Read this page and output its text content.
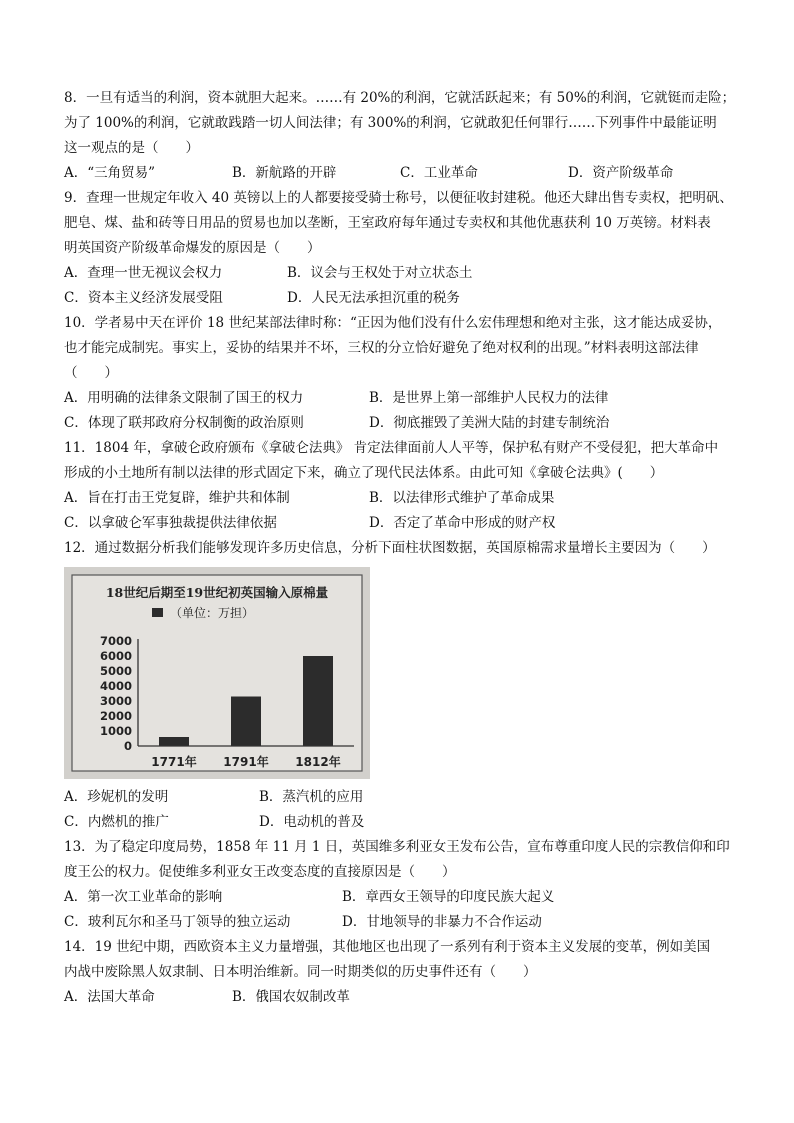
8．一旦有适当的利润，资本就胆大起来。……有 20%的利润，它就活跃起来；有 50%的利润，它就铤而走险；
为了 100%的利润，它就敢践踏一切人间法律；有 300%的利润，它就敢犯任何罪行……下列事件中最能证明
这一观点的是（　　）
A．“三角贸易”	B．新航路的开辟	C．工业革命	D．资产阶级革命
9．查理一世规定年收入 40 英镑以上的人都要接受骑士称号，以便征收封建税。他还大肆出售专卖权，把明矾、
肥皂、煤、盐和砖等日用品的贸易也加以垄断，王室政府每年通过专卖权和其他优惠获利 10 万英镑。材料表
明英国资产阶级革命爆发的原因是（　　）
A．查理一世无视议会权力	B．议会与王权处于对立状态土
C．资本主义经济发展受阻	D．人民无法承担沉重的税务
10．学者易中天在评价 18 世纪某部法律时称：“正因为他们没有什么宏伟理想和绝对主张，这才能达成妥协，
也才能完成制宪。事实上，妥协的结果并不坏，三权的分立恰好避免了绝对权利的出现。”材料表明这部法律
（　　）
A．用明确的法律条文限制了国王的权力	B．是世界上第一部维护人民权力的法律
C．体现了联邦政府分权制衡的政治原则	D．彻底摧毁了美洲大陆的封建专制统治
11．1804 年，拿破仑政府颁布《拿破仑法典》 肯定法律面前人人平等，保护私有财产不受侵犯，把大革命中
形成的小土地所有制以法律的形式固定下来，确立了现代民法体系。由此可知《拿破仑法典》(　　）
A．旨在打击王党复辟，维护共和体制	B．以法律形式维护了革命成果
C．以拿破仑军事独裁提供法律依据	D．否定了革命中形成的财产权
12．通过数据分析我们能够发现许多历史信息，分析下面柱状图数据，英国原棉需求量增长主要因为（　　）
18世纪后期至19世纪初英国输入原棉量
（单位：万担）
0
1000
2000
3000
4000
5000
6000
7000
1771年 1791年 1812年
A．珍妮机的发明	B．蒸汽机的应用
C．内燃机的推广	D．电动机的普及
13．为了稳定印度局势，1858 年 11 月 1 日，英国维多利亚女王发布公告，宣布尊重印度人民的宗教信仰和印
度王公的权力。促使维多利亚女王改变态度的直接原因是（　　）
A．第一次工业革命的影响	B．章西女王领导的印度民族大起义
C．玻利瓦尔和圣马丁领导的独立运动	D．甘地领导的非暴力不合作运动
14．19 世纪中期，西欧资本主义力量增强，其他地区也出现了一系列有利于资本主义发展的变革，例如美国
内战中废除黑人奴隶制、日本明治维新。同一时期类似的历史事件还有（　　）
A．法国大革命	B．俄国农奴制改革
